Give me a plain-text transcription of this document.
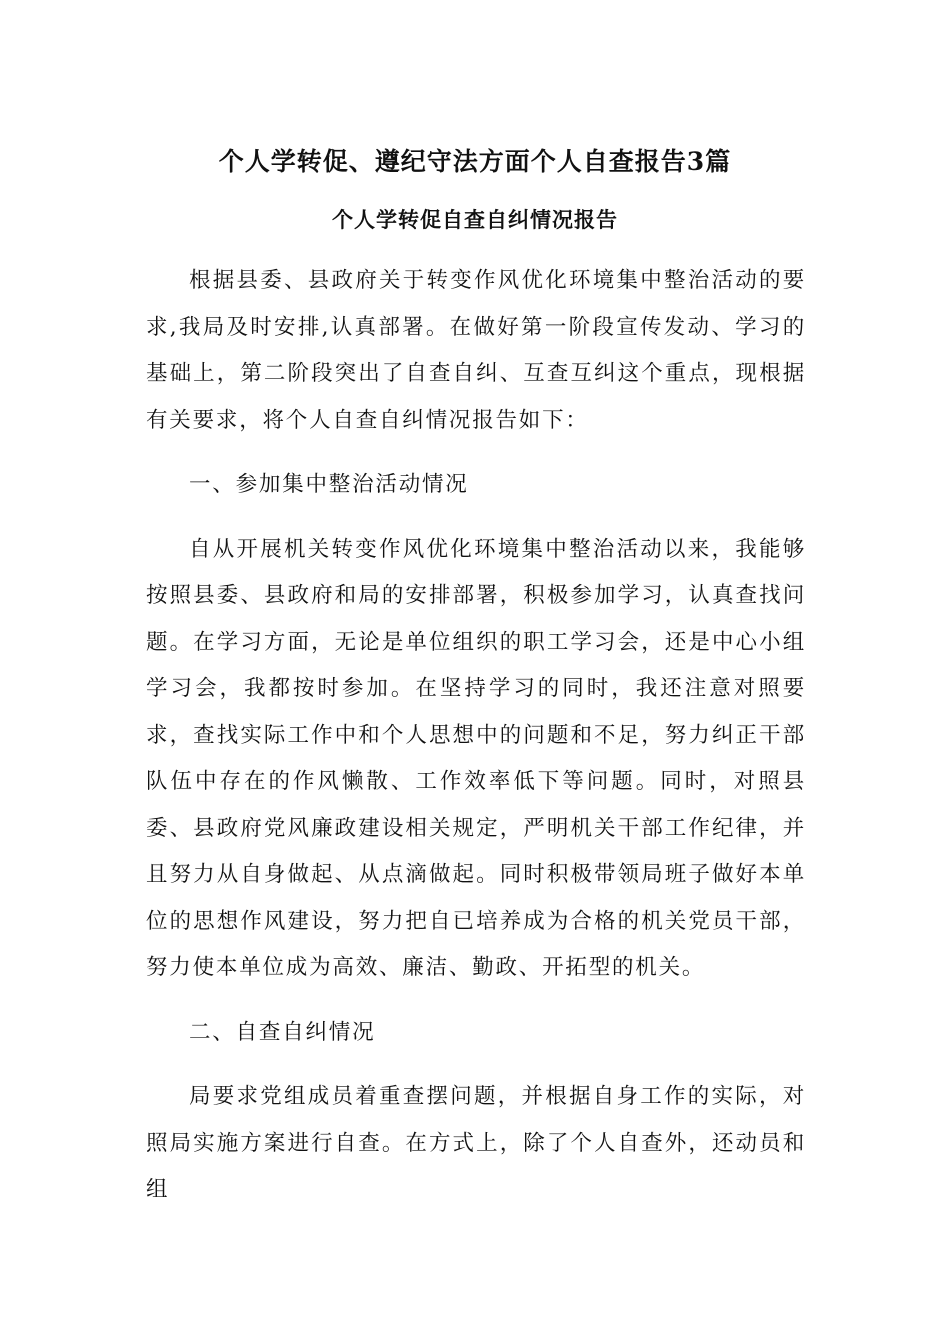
个人学转促、遵纪守法方面个人自查报告3篇
个人学转促自查自纠情况报告

根据县委、县政府关于转变作风优化环境集中整治活动的要求,我局及时安排,认真部署。在做好第一阶段宣传发动、学习的基础上，第二阶段突出了自查自纠、互查互纠这个重点，现根据有关要求，将个人自查自纠情况报告如下：

一、参加集中整治活动情况

自从开展机关转变作风优化环境集中整治活动以来，我能够按照县委、县政府和局的安排部署，积极参加学习，认真查找问题。在学习方面，无论是单位组织的职工学习会，还是中心小组学习会，我都按时参加。在坚持学习的同时，我还注意对照要求，查找实际工作中和个人思想中的问题和不足，努力纠正干部队伍中存在的作风懒散、工作效率低下等问题。同时，对照县委、县政府党风廉政建设相关规定，严明机关干部工作纪律，并且努力从自身做起、从点滴做起。同时积极带领局班子做好本单位的思想作风建设，努力把自已培养成为合格的机关党员干部，努力使本单位成为高效、廉洁、勤政、开拓型的机关。

二、自查自纠情况

局要求党组成员着重查摆问题，并根据自身工作的实际，对照局实施方案进行自查。在方式上，除了个人自查外，还动员和组
